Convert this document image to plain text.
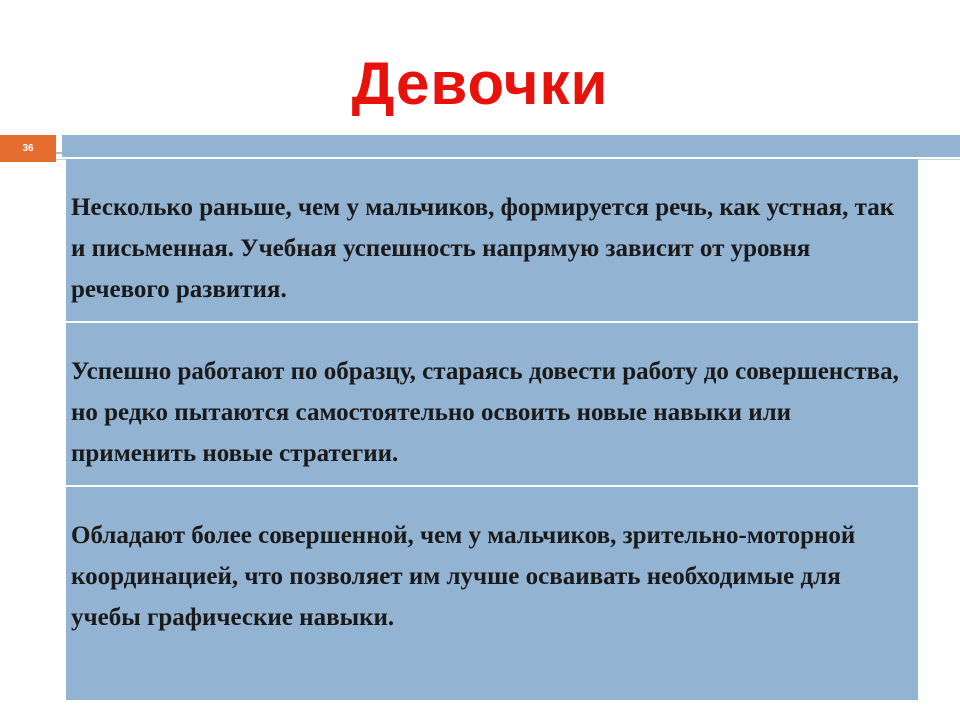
Девочки
36
Несколько раньше, чем у мальчиков, формируется речь, как устная, так и письменная. Учебная успешность напрямую зависит от уровня речевого развития.
Успешно работают по образцу, стараясь довести работу до совершенства, но редко пытаются самостоятельно освоить новые навыки или применить новые стратегии.
Обладают более совершенной, чем у мальчиков, зрительно-моторной координацией, что позволяет им лучше осваивать необходимые для учебы графические навыки.
